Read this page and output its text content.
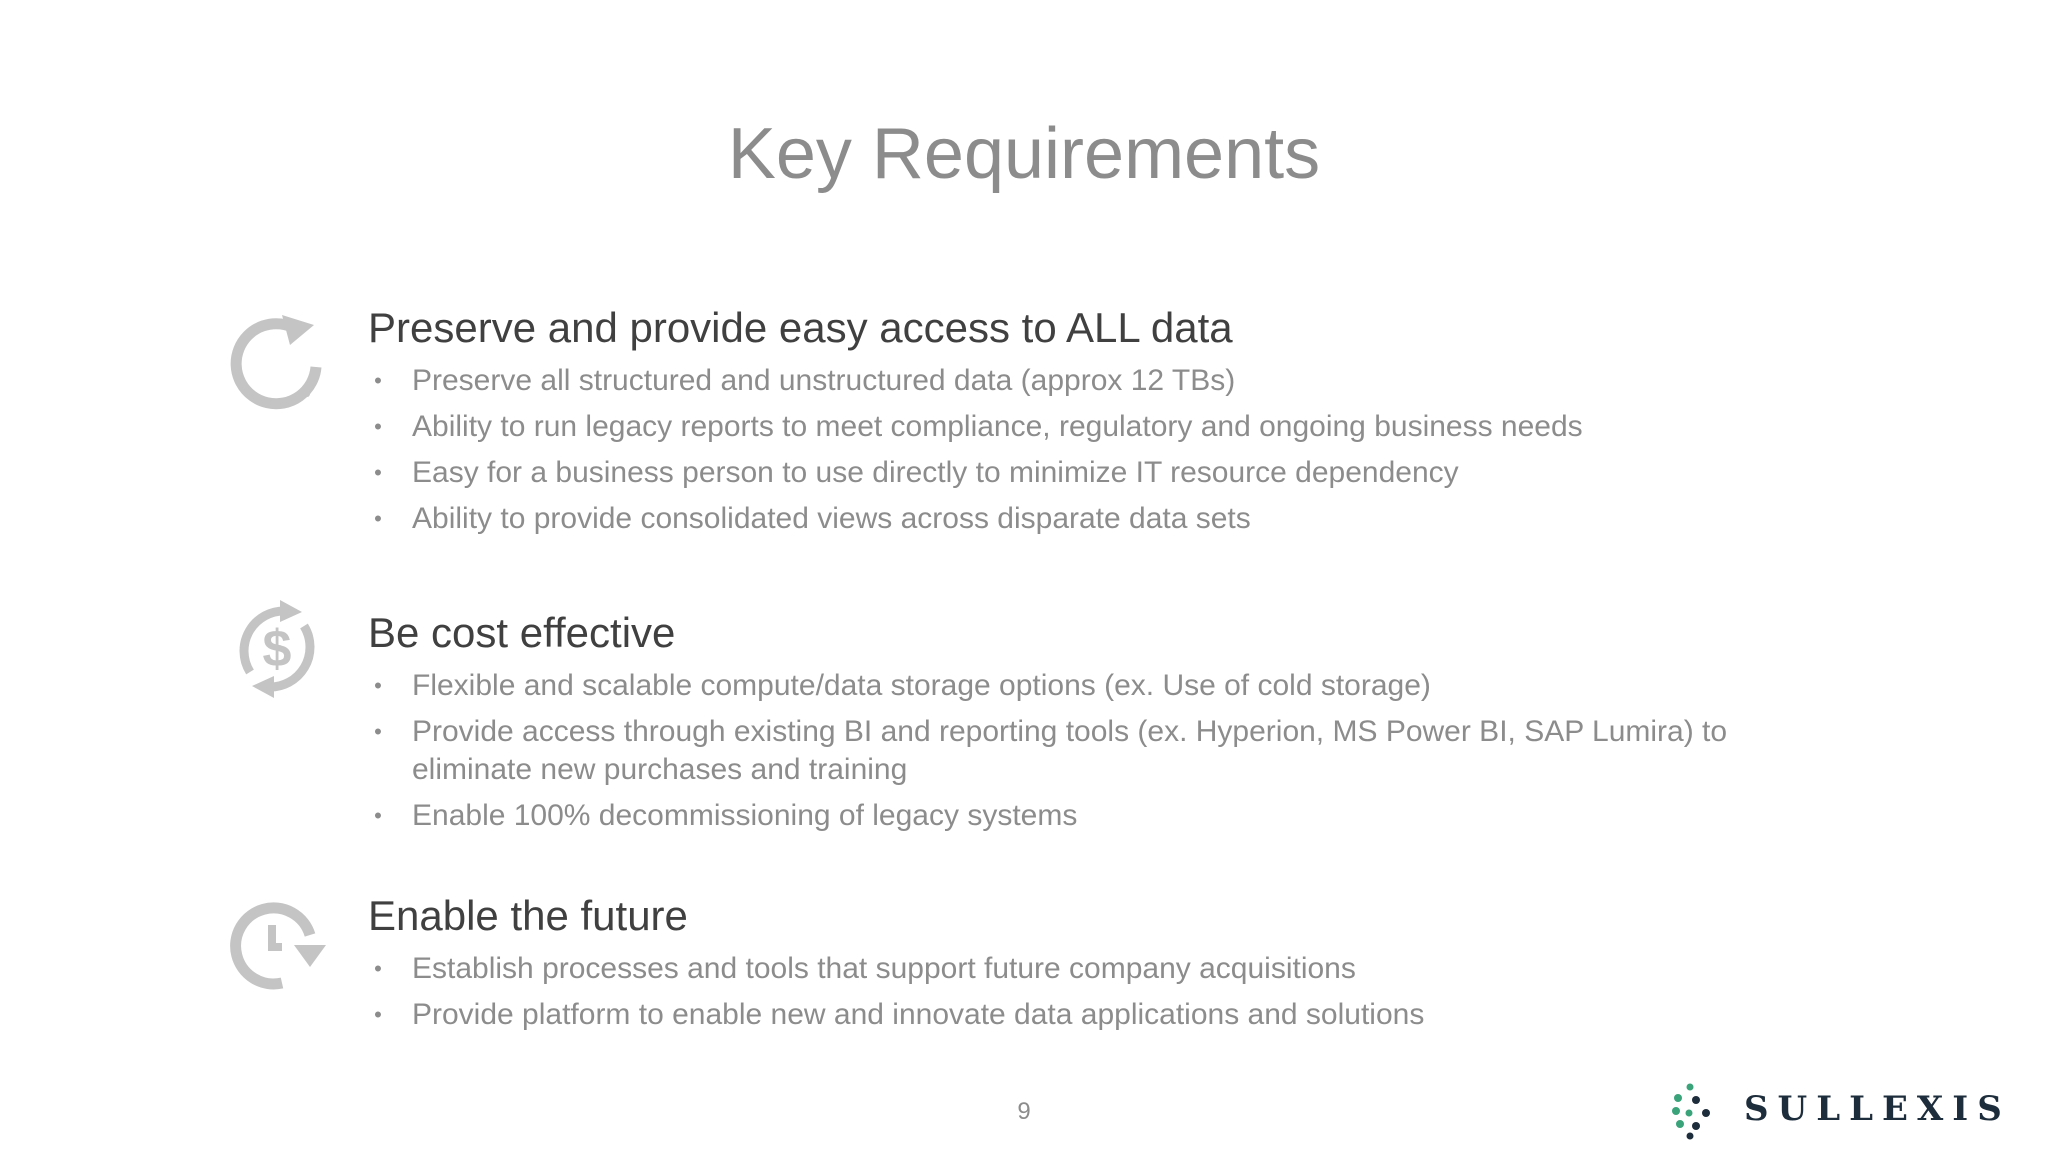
Key Requirements
Preserve and provide easy access to ALL data
• Preserve all structured and unstructured data (approx 12 TBs)
• Ability to run legacy reports to meet compliance, regulatory and ongoing business needs
• Easy for a business person to use directly to minimize IT resource dependency
• Ability to provide consolidated views across disparate data sets
$ Be cost effective
• Flexible and scalable compute/data storage options (ex. Use of cold storage)
• Provide access through existing BI and reporting tools (ex. Hyperion, MS Power BI, SAP Lumira) to eliminate new purchases and training
• Enable 100% decommissioning of legacy systems
Enable the future
• Establish processes and tools that support future company acquisitions
• Provide platform to enable new and innovate data applications and solutions
9	SULLEXIS
